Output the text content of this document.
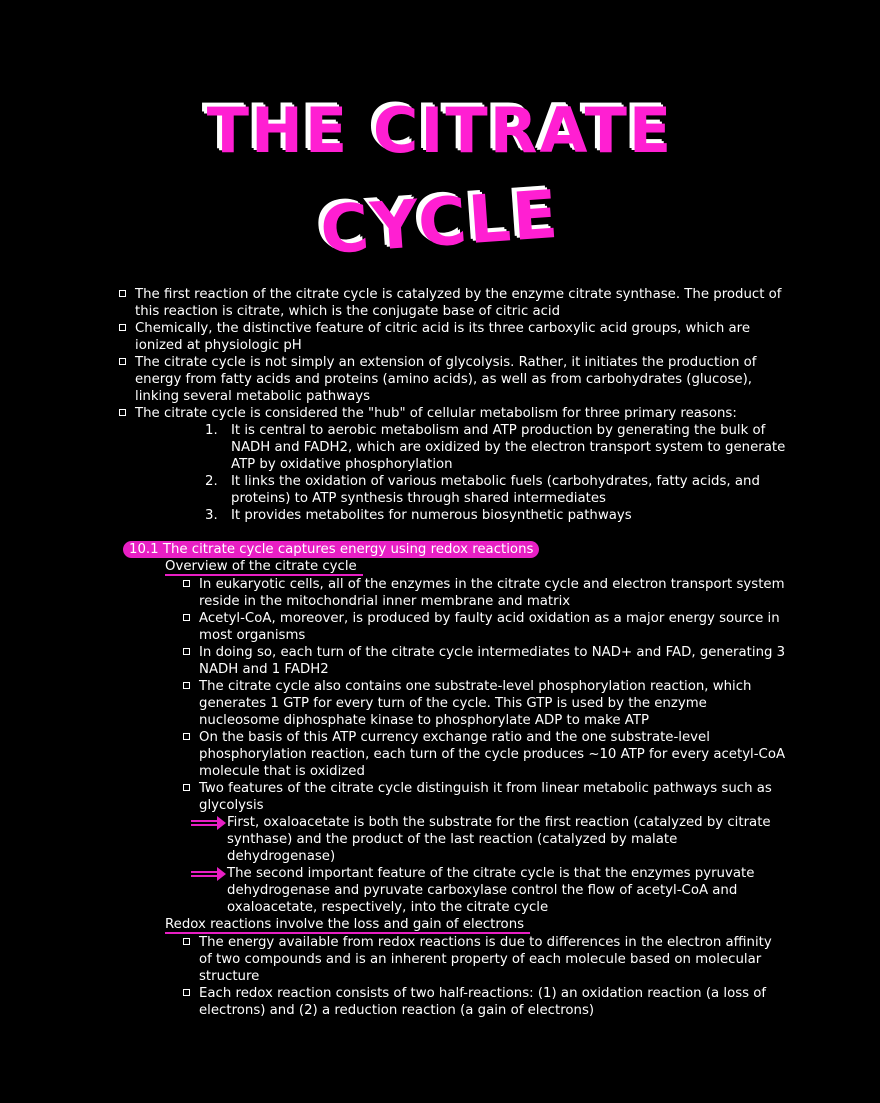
THE CITRATE
CYCLE
The first reaction of the citrate cycle is catalyzed by the enzyme citrate synthase. The product of this reaction is citrate, which is the conjugate base of citric acid
Chemically, the distinctive feature of citric acid is its three carboxylic acid groups, which are ionized at physiologic pH
The citrate cycle is not simply an extension of glycolysis. Rather, it initiates the production of energy from fatty acids and proteins (amino acids), as well as from carbohydrates (glucose), linking several metabolic pathways
The citrate cycle is considered the "hub" of cellular metabolism for three primary reasons:
1. It is central to aerobic metabolism and ATP production by generating the bulk of NADH and FADH2, which are oxidized by the electron transport system to generate ATP by oxidative phosphorylation
2. It links the oxidation of various metabolic fuels (carbohydrates, fatty acids, and proteins) to ATP synthesis through shared intermediates
3. It provides metabolites for numerous biosynthetic pathways
10.1 The citrate cycle captures energy using redox reactions
Overview of the citrate cycle
In eukaryotic cells, all of the enzymes in the citrate cycle and electron transport system reside in the mitochondrial inner membrane and matrix
Acetyl-CoA, moreover, is produced by faulty acid oxidation as a major energy source in most organisms
In doing so, each turn of the citrate cycle intermediates to NAD+ and FAD, generating 3 NADH and 1 FADH2
The citrate cycle also contains one substrate-level phosphorylation reaction, which generates 1 GTP for every turn of the cycle. This GTP is used by the enzyme nucleosome diphosphate kinase to phosphorylate ADP to make ATP
On the basis of this ATP currency exchange ratio and the one substrate-level phosphorylation reaction, each turn of the cycle produces ~10 ATP for every acetyl-CoA molecule that is oxidized
Two features of the citrate cycle distinguish it from linear metabolic pathways such as glycolysis
First, oxaloacetate is both the substrate for the first reaction (catalyzed by citrate synthase) and the product of the last reaction (catalyzed by malate dehydrogenase)
The second important feature of the citrate cycle is that the enzymes pyruvate dehydrogenase and pyruvate carboxylase control the flow of acetyl-CoA and oxaloacetate, respectively, into the citrate cycle
Redox reactions involve the loss and gain of electrons
The energy available from redox reactions is due to differences in the electron affinity of two compounds and is an inherent property of each molecule based on molecular structure
Each redox reaction consists of two half-reactions: (1) an oxidation reaction (a loss of electrons) and (2) a reduction reaction (a gain of electrons)
